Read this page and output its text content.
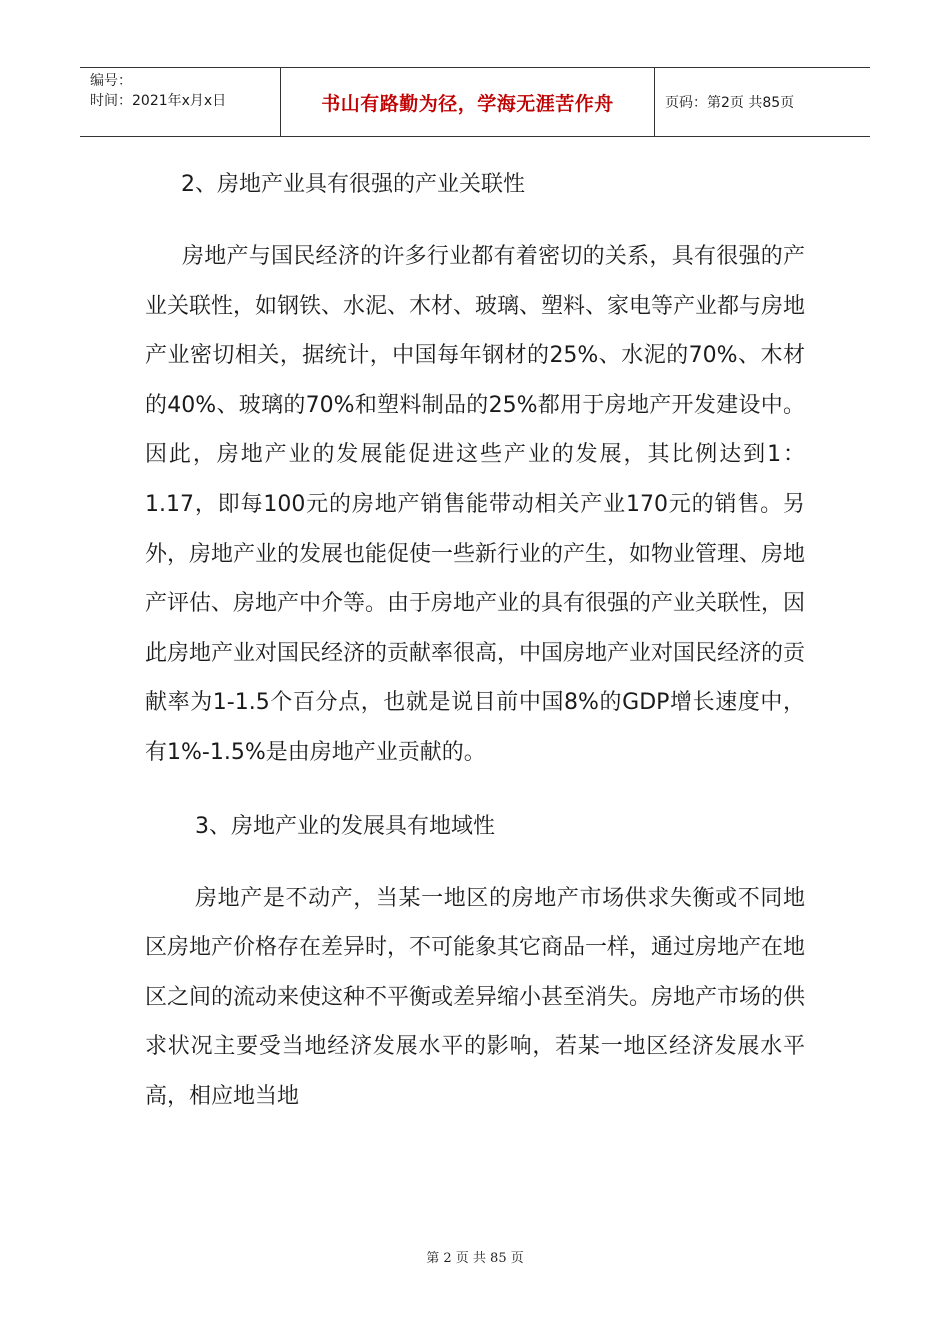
编号：
时间：2021年x月x日	书山有路勤为径，学海无涯苦作舟	页码：第2页 共85页

2、房地产业具有很强的产业关联性

房地产与国民经济的许多行业都有着密切的关系，具有很强的产业关联性，如钢铁、水泥、木材、玻璃、塑料、家电等产业都与房地产业密切相关，据统计，中国每年钢材的25%、水泥的70%、木材的40%、玻璃的70%和塑料制品的25%都用于房地产开发建设中。因此，房地产业的发展能促进这些产业的发展，其比例达到1：1.17，即每100元的房地产销售能带动相关产业170元的销售。另外，房地产业的发展也能促使一些新行业的产生，如物业管理、房地产评估、房地产中介等。由于房地产业的具有很强的产业关联性，因此房地产业对国民经济的贡献率很高，中国房地产业对国民经济的贡献率为1-1.5个百分点，也就是说目前中国8%的GDP增长速度中，有1%-1.5%是由房地产业贡献的。

3、房地产业的发展具有地域性

房地产是不动产，当某一地区的房地产市场供求失衡或不同地区房地产价格存在差异时，不可能象其它商品一样，通过房地产在地区之间的流动来使这种不平衡或差异缩小甚至消失。房地产市场的供求状况主要受当地经济发展水平的影响，若某一地区经济发展水平高，相应地当地

第 2 页 共 85 页
